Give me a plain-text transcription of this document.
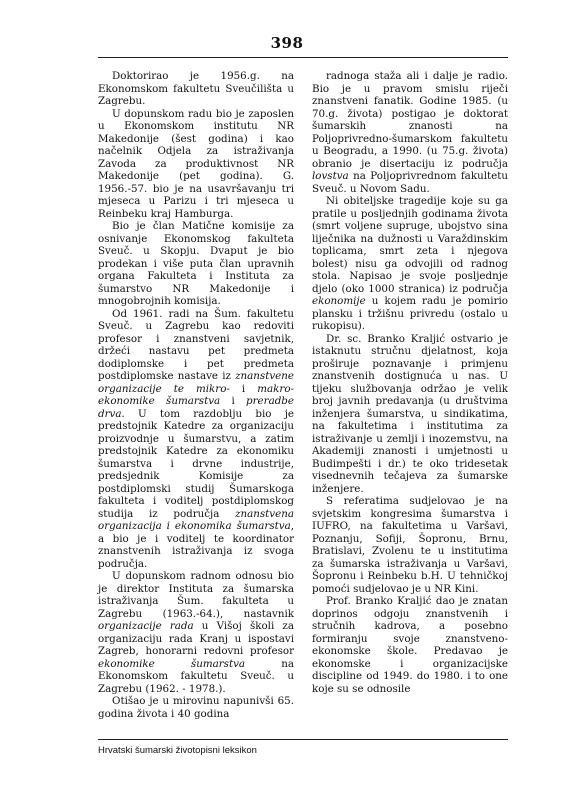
398

Doktorirao je 1956.g. na Ekonomskom fakultetu Sveučilišta u Zagrebu.

U dopunskom radu bio je zaposlen u Ekonomskom institutu NR Makedonije (šest godina) i kao načelnik Odjela za istraživanja Zavoda za produktivnost NR Makedonije (pet godina). G. 1956.-57. bio je na usavršavanju tri mjeseca u Parizu i tri mjeseca u Reinbeku kraj Hamburga.

Bio je član Matične komisije za osnivanje Ekonomskog fakulteta Sveuč. u Skopju. Dvaput je bio prodekan i više puta član upravnih organa Fakulteta i Instituta za šumarstvo NR Makedonije i mnogobrojnih komisija.

Od 1961. radi na Šum. fakultetu Sveuč. u Zagrebu kao redoviti profesor i znanstveni savjetnik, držeći nastavu pet predmeta dodiplomske i pet predmeta postdiplomske nastave iz znanstvene organizacije te mikro- i makro-ekonomike šumarstva i preradbe drva. U tom razdoblju bio je predstojnik Katedre za organizaciju proizvodnje u šumarstvu, a zatim predstojnik Katedre za ekonomiku šumarstva i drvne industrije, predsjednik Komisije za postdiplomski studij Šumarskoga fakulteta i voditelj postdiplomskog studija iz područja znanstvena organizacija i ekonomika šumarstva, a bio je i voditelj te koordinator znanstvenih istraživanja iz svoga područja.

U dopunskom radnom odnosu bio je direktor Instituta za šumarska istraživanja Šum. fakulteta u Zagrebu (1963.-64.), nastavnik organizacije rada u Višoj školi za organizaciju rada Kranj u ispostavi Zagreb, honorarni redovni profesor ekonomike šumarstva na Ekonomskom fakultetu Sveuč. u Zagrebu (1962. - 1978.).

Otišao je u mirovinu napunivši 65. godina života i 40 godina

radnoga staža ali i dalje je radio. Bio je u pravom smislu riječi znanstveni fanatik. Godine 1985. (u 70.g. života) postigao je doktorat šumarskih znanosti na Poljoprivredno-šumarskom fakultetu u Beogradu, a 1990. (u 75.g. života) obranio je disertaciju iz područja lovstva na Poljoprivrednom fakultetu Sveuč. u Novom Sadu.

Ni obiteljske tragedije koje su ga pratile u posljednjih godinama života (smrt voljene supruge, ubojstvo sina liječnika na dužnosti u Varaždinskim toplicama, smrt zeta i njegova bolest) nisu ga odvojili od radnog stola. Napisao je svoje posljednje djelo (oko 1000 stranica) iz područja ekonomije u kojem radu je pomirio plansku i tržišnu privredu (ostalo u rukopisu).

Dr. sc. Branko Kraljić ostvario je istaknutu stručnu djelatnost, koja proširuje poznavanje i primjenu znanstvenih dostignuća u nas. U tijeku službovanja održao je velik broj javnih predavanja (u društvima inženjera šumarstva, u sindikatima, na fakultetima i institutima za istraživanje u zemlji i inozemstvu, na Akademiji znanosti i umjetnosti u Budimpešti i dr.) te oko tridesetak visednevnih tečajeva za šumarske inženjere.

S referatima sudjelovao je na svjetskim kongresima šumarstva i IUFRO, na fakultetima u Varšavi, Poznanju, Sofiji, Šopronu, Brnu, Bratislavi, Zvolenu te u institutima za šumarska istraživanja u Varšavi, Šopronu i Reinbeku b.H. U tehničkoj pomoći sudjelovao je u NR Kini.

Prof. Branko Kraljić dao je znatan doprinos odgoju znanstvenih i stručnih kadrova, a posebno formiranju svoje znanstveno-ekonomske škole. Predavao je ekonomske i organizacijske discipline od 1949. do 1980. i to one koje su se odnosile

Hrvatski šumarski životopisni leksikon
